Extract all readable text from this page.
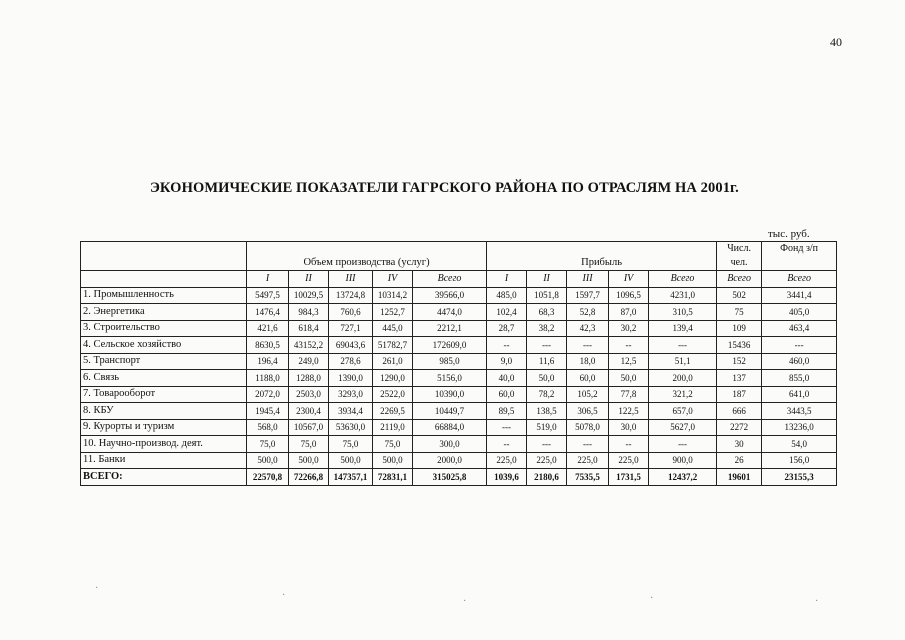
40
ЭКОНОМИЧЕСКИЕ ПОКАЗАТЕЛИ ГАГРСКОГО РАЙОНА ПО ОТРАСЛЯМ НА 2001г.
тыс. руб.
	Объем производства (услуг)					Прибыль					Числ. чел.	Фонд з/п

	I	II	III	IV	Всего	I	II	III	IV	Всего	Всего	Всего
1. Промышленность	5497,5	10029,5	13724,8	10314,2	39566,0	485,0	1051,8	1597,7	1096,5	4231,0	502	3441,4
2. Энергетика	1476,4	984,3	760,6	1252,7	4474,0	102,4	68,3	52,8	87,0	310,5	75	405,0
3. Строительство	421,6	618,4	727,1	445,0	2212,1	28,7	38,2	42,3	30,2	139,4	109	463,4
4. Сельское хозяйство	8630,5	43152,2	69043,6	51782,7	172609,0	--	---	---	--	---	15436	---
5. Транспорт	196,4	249,0	278,6	261,0	985,0	9,0	11,6	18,0	12,5	51,1	152	460,0
6. Связь	1188,0	1288,0	1390,0	1290,0	5156,0	40,0	50,0	60,0	50,0	200,0	137	855,0
7. Товарооборот	2072,0	2503,0	3293,0	2522,0	10390,0	60,0	78,2	105,2	77,8	321,2	187	641,0
8. КБУ	1945,4	2300,4	3934,4	2269,5	10449,7	89,5	138,5	306,5	122,5	657,0	666	3443,5
9. Курорты и туризм	568,0	10567,0	53630,0	2119,0	66884,0	---	519,0	5078,0	30,0	5627,0	2272	13236,0
10. Научно-производ. деят.	75,0	75,0	75,0	75,0	300,0	--	---	---	--	---	30	54,0
11. Банки	500,0	500,0	500,0	500,0	2000,0	225,0	225,0	225,0	225,0	900,0	26	156,0
ВСЕГО:	22570,8	72266,8	147357,1	72831,1	315025,8	1039,6	2180,6	7535,5	1731,5	12437,2	19601	23155,3
·
·
·	·	·
